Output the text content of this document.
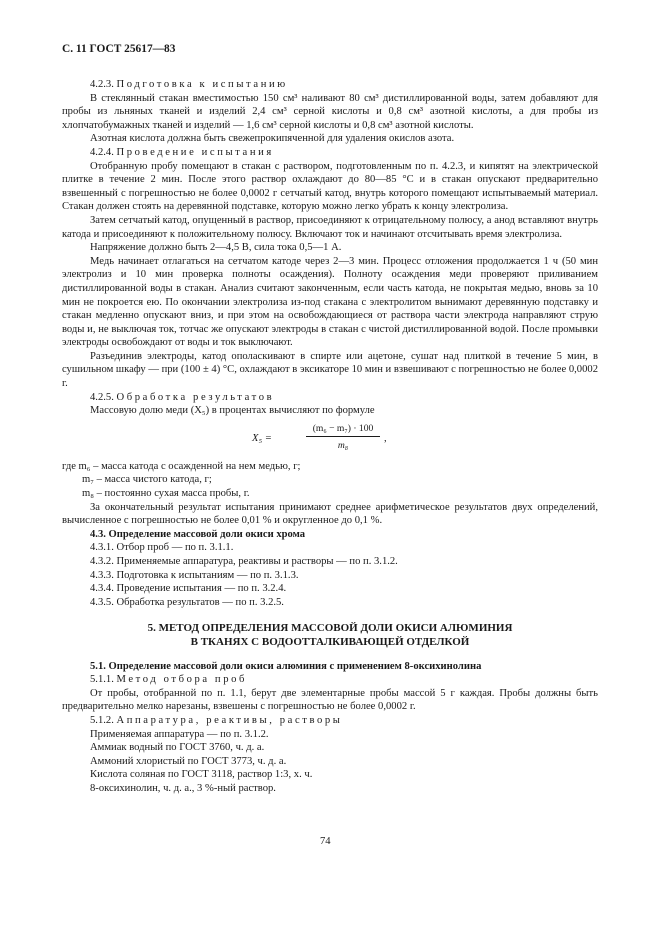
С. 11 ГОСТ 25617—83

4.2.3. Подготовка к испытанию

В стеклянный стакан вместимостью 150 см³ наливают 80 см³ дистиллированной воды, затем добавляют для пробы из льняных тканей и изделий 2,4 см³ серной кислоты и 0,8 см³ азотной кислоты, а для пробы из хлопчатобумажных тканей и изделий — 1,6 см³ серной кислоты и 0,8 см³ азотной кислоты.

Азотная кислота должна быть свежепрокипяченной для удаления окислов азота.

4.2.4. Проведение испытания

Отобранную пробу помещают в стакан с раствором, подготовленным по п. 4.2.3, и кипятят на электрической плитке в течение 2 мин. После этого раствор охлаждают до 80—85 °С и в стакан опускают предварительно взвешенный с погрешностью не более 0,0002 г сетчатый катод, внутрь которого помещают испытываемый материал. Стакан должен стоять на деревянной подставке, которую можно легко убрать к концу электролиза.

Затем сетчатый катод, опущенный в раствор, присоединяют к отрицательному полюсу, а анод вставляют внутрь катода и присоединяют к положительному полюсу. Включают ток и начинают отсчитывать время электролиза.

Напряжение должно быть 2—4,5 В, сила тока 0,5—1 А.

Медь начинает отлагаться на сетчатом катоде через 2—3 мин. Процесс отложения продолжается 1 ч (50 мин электролиз и 10 мин проверка полноты осаждения). Полноту осаждения меди проверяют приливанием дистиллированной воды в стакан. Анализ считают законченным, если часть катода, не покрытая медью, вновь за 10 мин не покроется ею. По окончании электролиза из-под стакана с электролитом вынимают деревянную подставку и стакан медленно опускают вниз, и при этом на освобождающиеся от раствора части электрода направляют струю воды и, не выключая ток, тотчас же опускают электроды в стакан с чистой дистиллированной водой. После промывки электроды освобождают от воды и ток выключают.

Разъединив электроды, катод ополаскивают в спирте или ацетоне, сушат над плиткой в течение 5 мин, в сушильном шкафу — при (100 ± 4) °С, охлаждают в эксикаторе 10 мин и взвешивают с погрешностью не более 0,0002 г.

4.2.5. Обработка результатов

Массовую долю меди (X₅) в процентах вычисляют по формуле

X₅ =
(m₆ − m₇) · 100
m₈
,

где m₆ – масса катода с осажденной на нем медью, г;

m₇ – масса чистого катода, г;

m₈ – постоянно сухая масса пробы, г.

За окончательный результат испытания принимают среднее арифметическое результатов двух определений, вычисленное с погрешностью не более 0,01 % и округленное до 0,1 %.

4.3. Определение массовой доли окиси хрома

4.3.1. Отбор проб — по п. 3.1.1.

4.3.2. Применяемые аппаратура, реактивы и растворы — по п. 3.1.2.

4.3.3. Подготовка к испытаниям — по п. 3.1.3.

4.3.4. Проведение испытания — по п. 3.2.4.

4.3.5. Обработка результатов — по п. 3.2.5.

5. МЕТОД ОПРЕДЕЛЕНИЯ МАССОВОЙ ДОЛИ ОКИСИ АЛЮМИНИЯ
В ТКАНЯХ С ВОДООТТАЛКИВАЮЩЕЙ ОТДЕЛКОЙ

5.1. Определение массовой доли окиси алюминия с применением 8-оксихинолина

5.1.1. Метод отбора проб

От пробы, отобранной по п. 1.1, берут две элементарные пробы массой 5 г каждая. Пробы должны быть предварительно мелко нарезаны, взвешены с погрешностью не более 0,0002 г.

5.1.2. Аппаратура, реактивы, растворы

Применяемая аппаратура — по п. 3.1.2.

Аммиак водный по ГОСТ 3760, ч. д. а.

Аммоний хлористый по ГОСТ 3773, ч. д. а.

Кислота соляная по ГОСТ 3118, раствор 1:3, х. ч.

8-оксихинолин, ч. д. а., 3 %-ный раствор.

74
